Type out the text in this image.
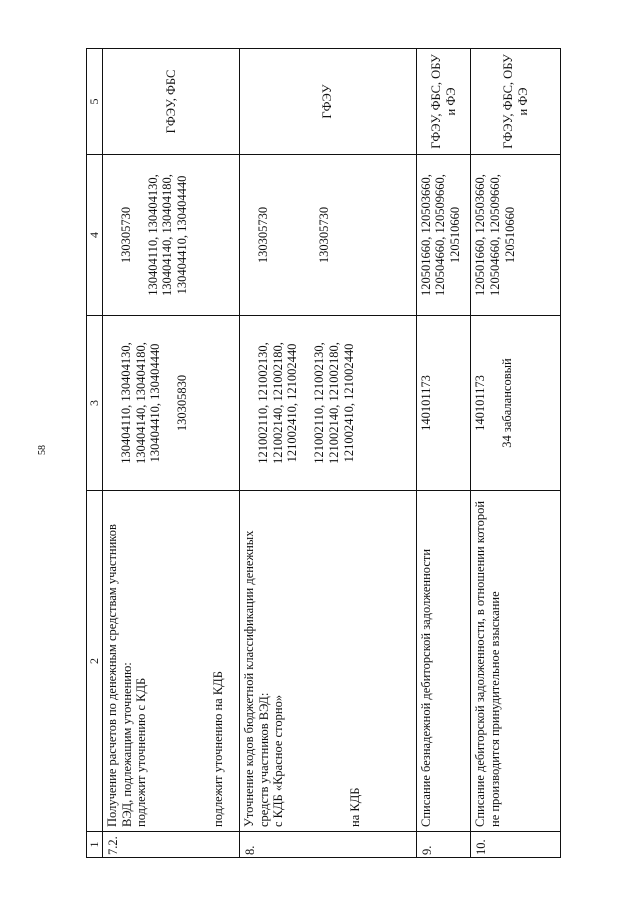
58
1	2	3	4	5
7.2.	Получение расчетов по денежным средствам участников ВЭД, подлежащим уточнению: подлежит уточнению с КДБ подлежит уточнению на КДБ	130404110, 130404130, 130404140, 130404180, 130404410, 130404440 130305830	130305730 130404110, 130404130, 130404140, 130404180, 130404410, 130404440	ГФЭУ, ФБС
8.	Уточнение кодов бюджетной классификации денежных средств участников ВЭД: с КДБ «Красное сторно» на КДБ	121002110, 121002130, 121002140, 121002180, 121002410, 121002440 121002110, 121002130, 121002140, 121002180, 121002410, 121002440	130305730 130305730	ГФЭУ
9.	Списание безнадежной дебиторской задолженности	140101173	120501660, 120503660, 120504660, 120509660, 120510660	ГФЭУ, ФБС, ОБУ и ФЭ
10.	Списание дебиторской задолженности, в отношении которой не производится принудительное взыскание	140101173 34 забалансовый	120501660, 120503660, 120504660, 120509660, 120510660	ГФЭУ, ФБС, ОБУ и ФЭ
